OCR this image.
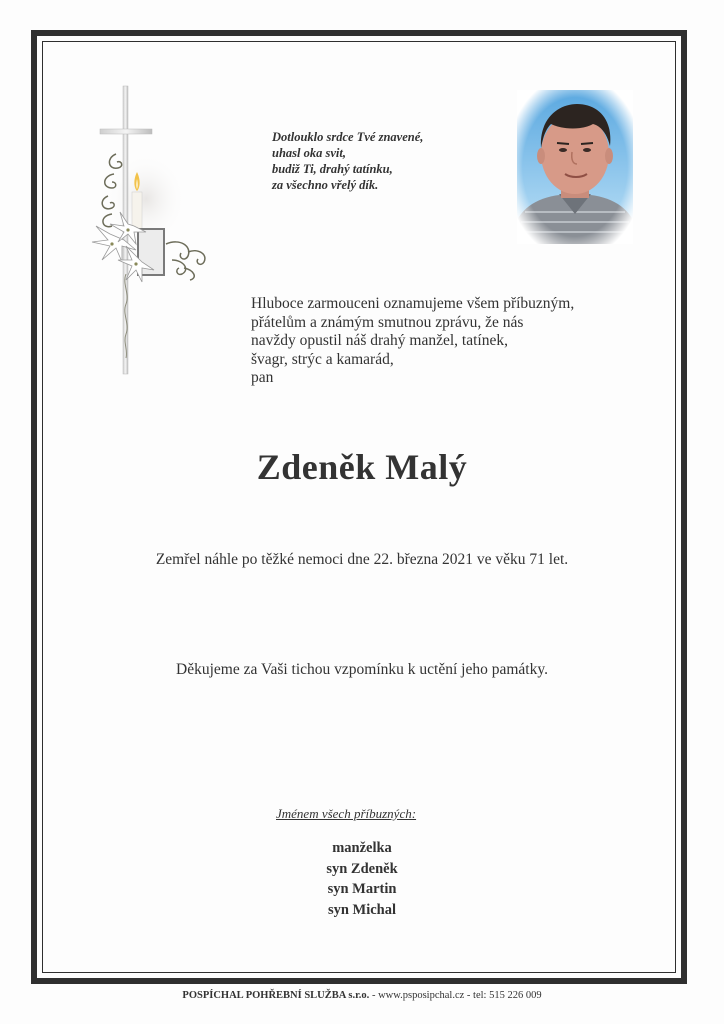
Dotlouklo srdce Tvé znavené,
uhasl oka svit,
budiž Ti, drahý tatínku,
za všechno vřelý dík.
Hluboce zarmouceni oznamujeme všem příbuzným,
přátelům a známým smutnou zprávu, že nás
navždy opustil náš drahý manžel, tatínek,
švagr, strýc a kamarád,
pan
Zdeněk Malý
Zemřel náhle po těžké nemoci dne 22. března 2021 ve věku 71 let.
Děkujeme za Vaši tichou vzpomínku k uctění jeho památky.
Jménem všech příbuzných:
manželka
syn Zdeněk
syn Martin
syn Michal
POSPÍCHAL POHŘEBNÍ SLUŽBA s.r.o. - www.psposipchal.cz - tel: 515 226 009
